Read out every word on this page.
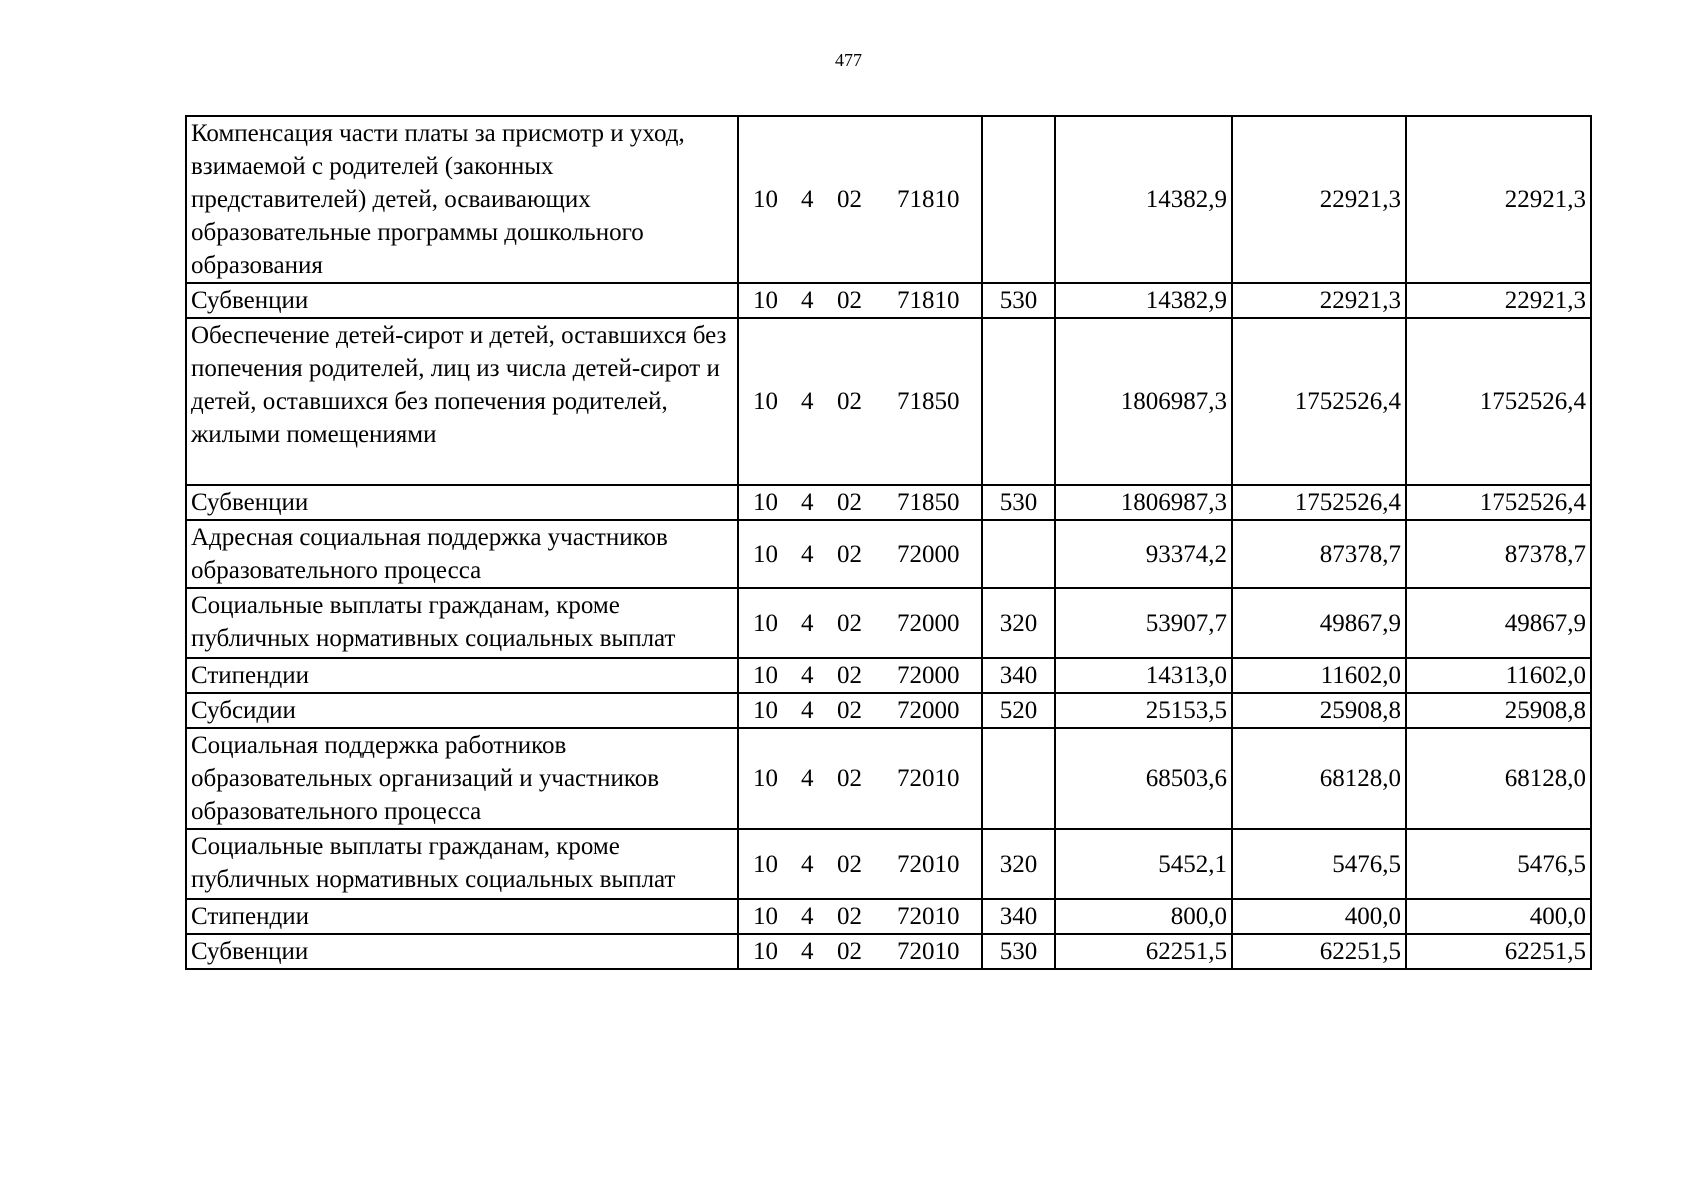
477
Компенсация части платы за присмотр и уход, взимаемой с родителей (законных представителей) детей, осваивающих образовательные программы дошкольного образования	10 4 02 71810		14382,9	22921,3	22921,3
Субвенции	10 4 02 71810	530	14382,9	22921,3	22921,3
Обеспечение детей-сирот и детей, оставшихся без попечения родителей, лиц из числа детей-сирот и детей, оставшихся без попечения родителей, жилыми помещениями	10 4 02 71850		1806987,3	1752526,4	1752526,4
Субвенции	10 4 02 71850	530	1806987,3	1752526,4	1752526,4
Адресная социальная поддержка участников образовательного процесса	10 4 02 72000		93374,2	87378,7	87378,7
Социальные выплаты гражданам, кроме публичных нормативных социальных выплат	10 4 02 72000	320	53907,7	49867,9	49867,9
Стипендии	10 4 02 72000	340	14313,0	11602,0	11602,0
Субсидии	10 4 02 72000	520	25153,5	25908,8	25908,8
Социальная поддержка работников образовательных организаций и участников образовательного процесса	10 4 02 72010		68503,6	68128,0	68128,0
Социальные выплаты гражданам, кроме публичных нормативных социальных выплат	10 4 02 72010	320	5452,1	5476,5	5476,5
Стипендии	10 4 02 72010	340	800,0	400,0	400,0
Субвенции	10 4 02 72010	530	62251,5	62251,5	62251,5
